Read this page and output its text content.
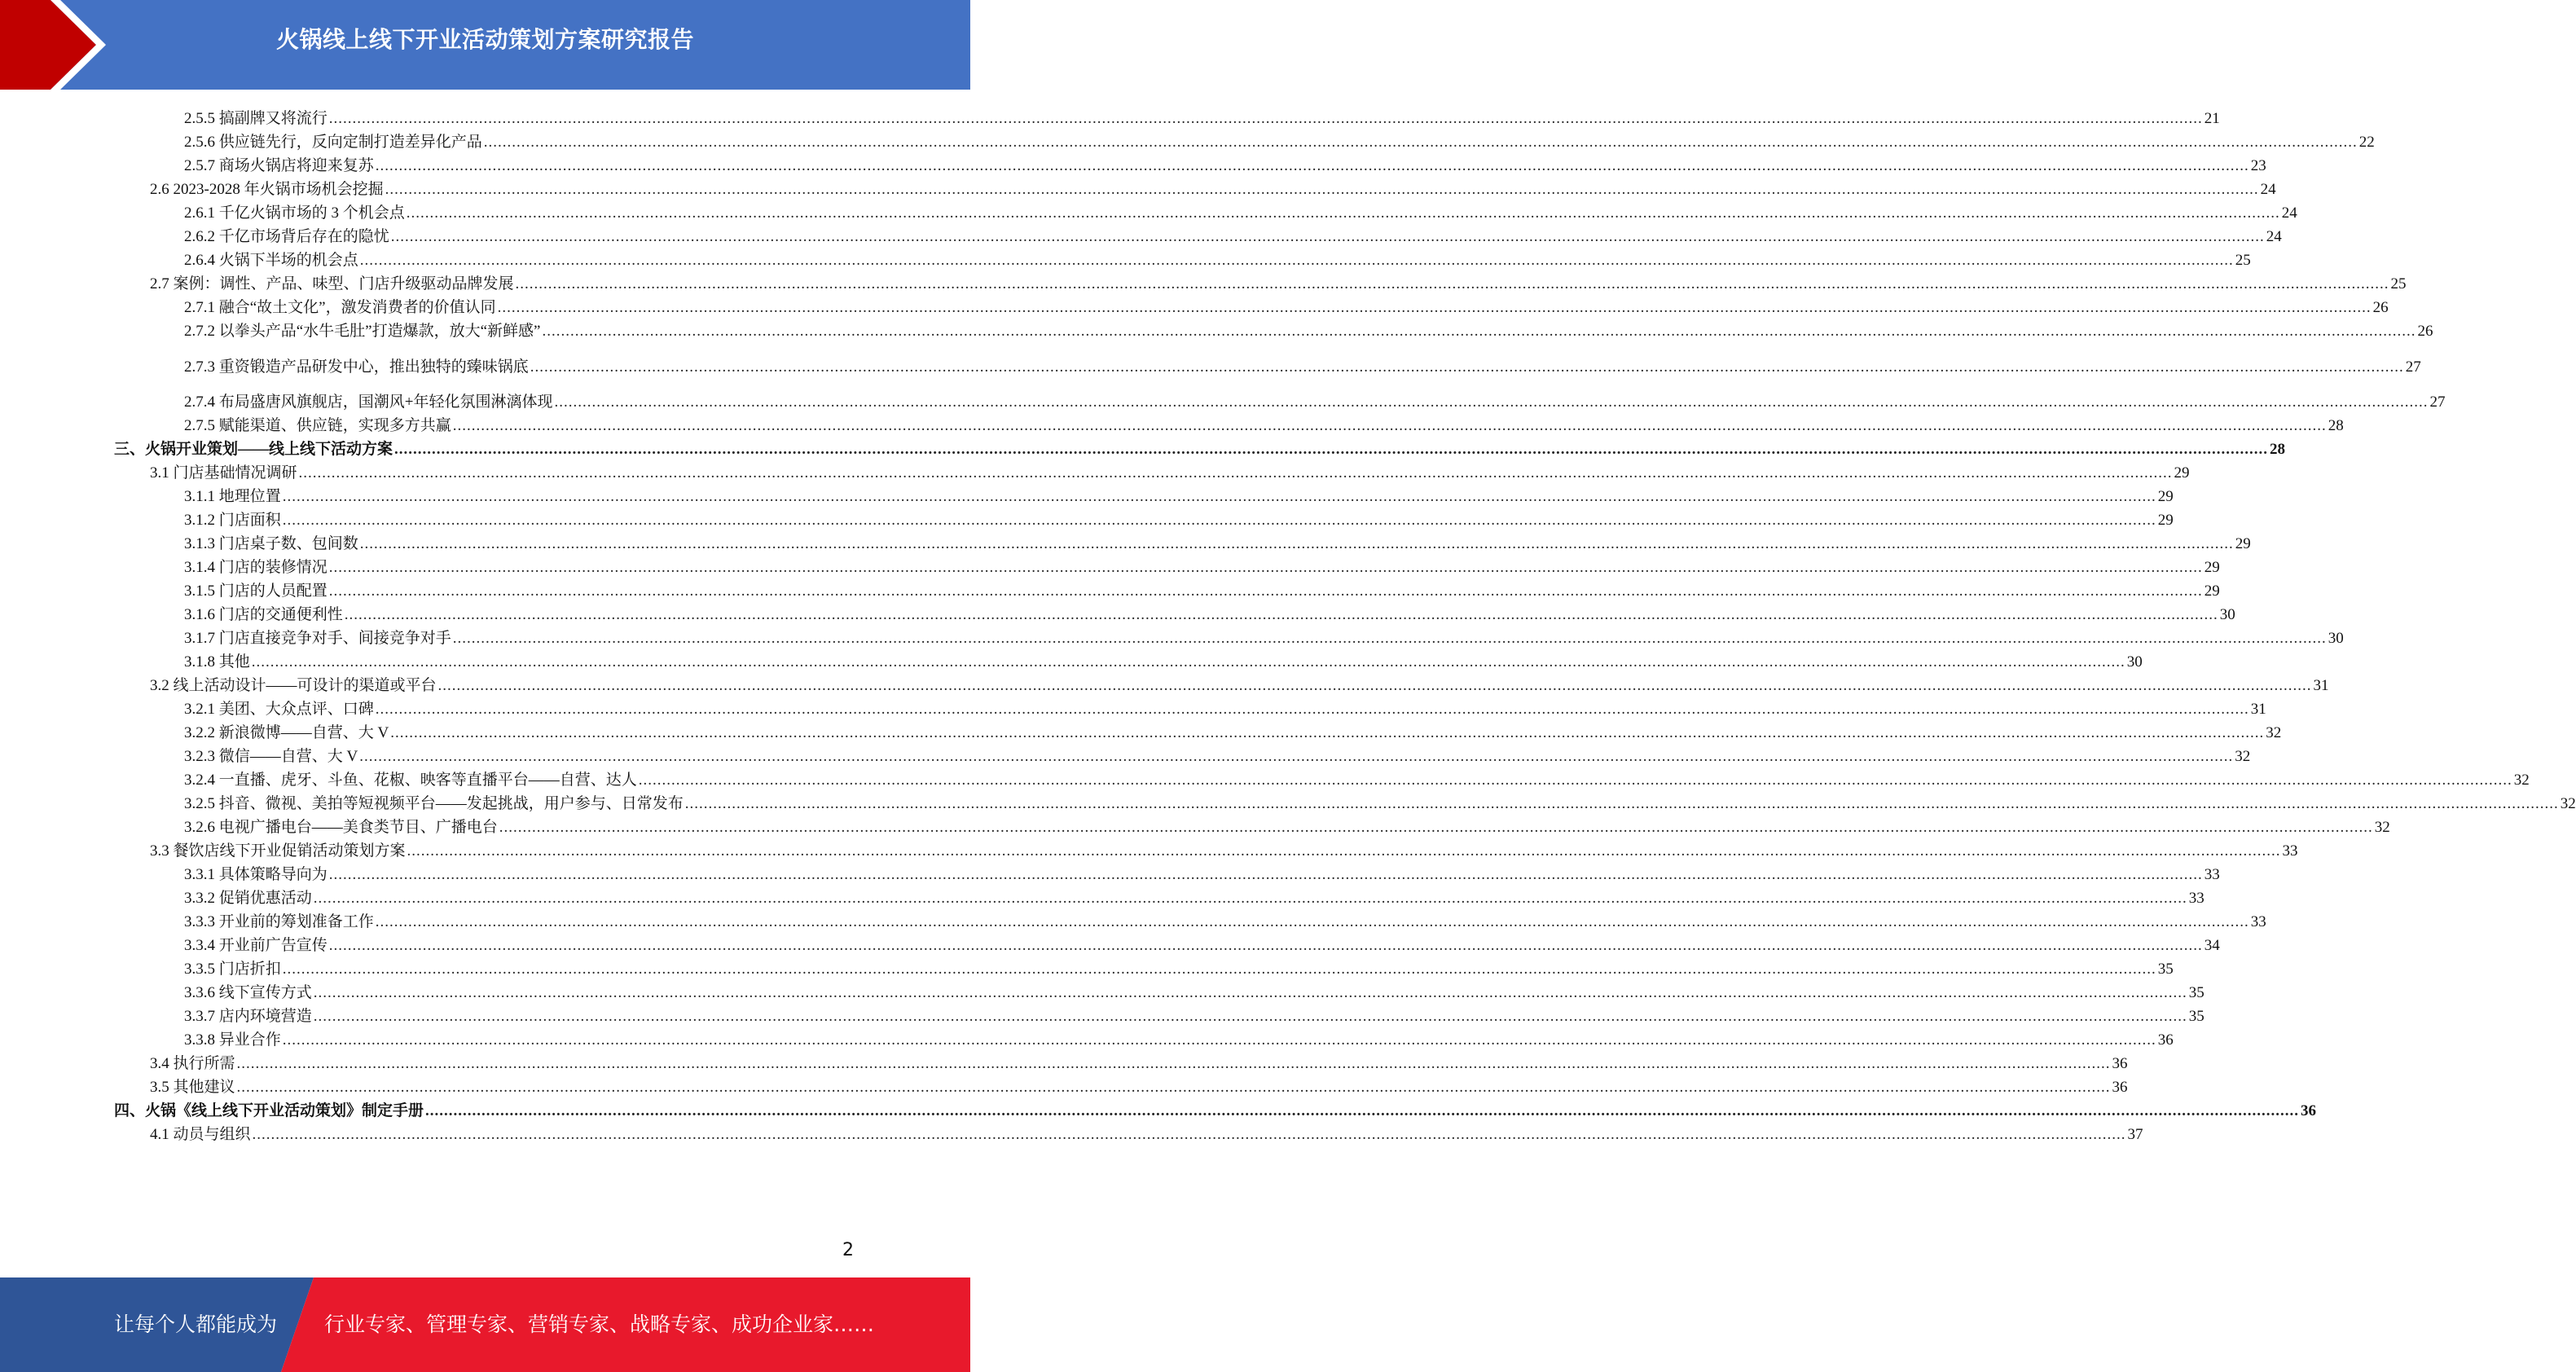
火锅线上线下开业活动策划方案研究报告
2.5.5 搞副牌又将流行 ................................................................................................................................................................................................................................................................................................................................................................................................................ 21
2.5.6 供应链先行，反向定制打造差异化产品 ................................................................................................................................................................................................................................................................................................................................................................................................................ 22
2.5.7 商场火锅店将迎来复苏 ................................................................................................................................................................................................................................................................................................................................................................................................................ 23
2.6 2023-2028 年火锅市场机会挖掘 ................................................................................................................................................................................................................................................................................................................................................................................................................ 24
2.6.1 千亿火锅市场的 3 个机会点 ................................................................................................................................................................................................................................................................................................................................................................................................................ 24
2.6.2 千亿市场背后存在的隐忧 ................................................................................................................................................................................................................................................................................................................................................................................................................ 24
2.6.4 火锅下半场的机会点 ................................................................................................................................................................................................................................................................................................................................................................................................................ 25
2.7 案例：调性、产品、味型、门店升级驱动品牌发展 ................................................................................................................................................................................................................................................................................................................................................................................................................ 25
2.7.1 融合“故土文化”，激发消费者的价值认同 ................................................................................................................................................................................................................................................................................................................................................................................................................ 26
2.7.2 以拳头产品“水牛毛肚”打造爆款，放大“新鲜感” ................................................................................................................................................................................................................................................................................................................................................................................................................ 26
2.7.3 重资锻造产品研发中心，推出独特的臻味锅底 ................................................................................................................................................................................................................................................................................................................................................................................................................ 27
2.7.4 布局盛唐风旗舰店，国潮风+年轻化氛围淋漓体现 ................................................................................................................................................................................................................................................................................................................................................................................................................ 27
2.7.5 赋能渠道、供应链，实现多方共赢 ................................................................................................................................................................................................................................................................................................................................................................................................................ 28
三、火锅开业策划——线上线下活动方案 ................................................................................................................................................................................................................................................................................................................................................................................................................ 28
3.1 门店基础情况调研 ................................................................................................................................................................................................................................................................................................................................................................................................................ 29
3.1.1 地理位置 ................................................................................................................................................................................................................................................................................................................................................................................................................ 29
3.1.2 门店面积 ................................................................................................................................................................................................................................................................................................................................................................................................................ 29
3.1.3 门店桌子数、包间数 ................................................................................................................................................................................................................................................................................................................................................................................................................ 29
3.1.4 门店的装修情况 ................................................................................................................................................................................................................................................................................................................................................................................................................ 29
3.1.5 门店的人员配置 ................................................................................................................................................................................................................................................................................................................................................................................................................ 29
3.1.6 门店的交通便利性 ................................................................................................................................................................................................................................................................................................................................................................................................................ 30
3.1.7 门店直接竞争对手、间接竞争对手 ................................................................................................................................................................................................................................................................................................................................................................................................................ 30
3.1.8 其他 ................................................................................................................................................................................................................................................................................................................................................................................................................ 30
3.2 线上活动设计——可设计的渠道或平台 ................................................................................................................................................................................................................................................................................................................................................................................................................ 31
3.2.1 美团、大众点评、口碑 ................................................................................................................................................................................................................................................................................................................................................................................................................ 31
3.2.2 新浪微博——自营、大 V ................................................................................................................................................................................................................................................................................................................................................................................................................ 32
3.2.3 微信——自营、大 V ................................................................................................................................................................................................................................................................................................................................................................................................................ 32
3.2.4 一直播、虎牙、斗鱼、花椒、映客等直播平台——自营、达人 ................................................................................................................................................................................................................................................................................................................................................................................................................ 32
3.2.5 抖音、微视、美拍等短视频平台——发起挑战，用户参与、日常发布 ................................................................................................................................................................................................................................................................................................................................................................................................................ 32
3.2.6 电视广播电台——美食类节目、广播电台 ................................................................................................................................................................................................................................................................................................................................................................................................................ 32
3.3 餐饮店线下开业促销活动策划方案 ................................................................................................................................................................................................................................................................................................................................................................................................................ 33
3.3.1 具体策略导向为 ................................................................................................................................................................................................................................................................................................................................................................................................................ 33
3.3.2 促销优惠活动 ................................................................................................................................................................................................................................................................................................................................................................................................................ 33
3.3.3 开业前的筹划准备工作 ................................................................................................................................................................................................................................................................................................................................................................................................................ 33
3.3.4 开业前广告宣传 ................................................................................................................................................................................................................................................................................................................................................................................................................ 34
3.3.5 门店折扣 ................................................................................................................................................................................................................................................................................................................................................................................................................ 35
3.3.6 线下宣传方式 ................................................................................................................................................................................................................................................................................................................................................................................................................ 35
3.3.7 店内环境营造 ................................................................................................................................................................................................................................................................................................................................................................................................................ 35
3.3.8 异业合作 ................................................................................................................................................................................................................................................................................................................................................................................................................ 36
3.4 执行所需 ................................................................................................................................................................................................................................................................................................................................................................................................................ 36
3.5 其他建议 ................................................................................................................................................................................................................................................................................................................................................................................................................ 36
四、火锅《线上线下开业活动策划》制定手册 ................................................................................................................................................................................................................................................................................................................................................................................................................ 36
4.1 动员与组织 ................................................................................................................................................................................................................................................................................................................................................................................................................ 37
2
让每个人都能成为 行业专家、管理专家、营销专家、战略专家、成功企业家……
